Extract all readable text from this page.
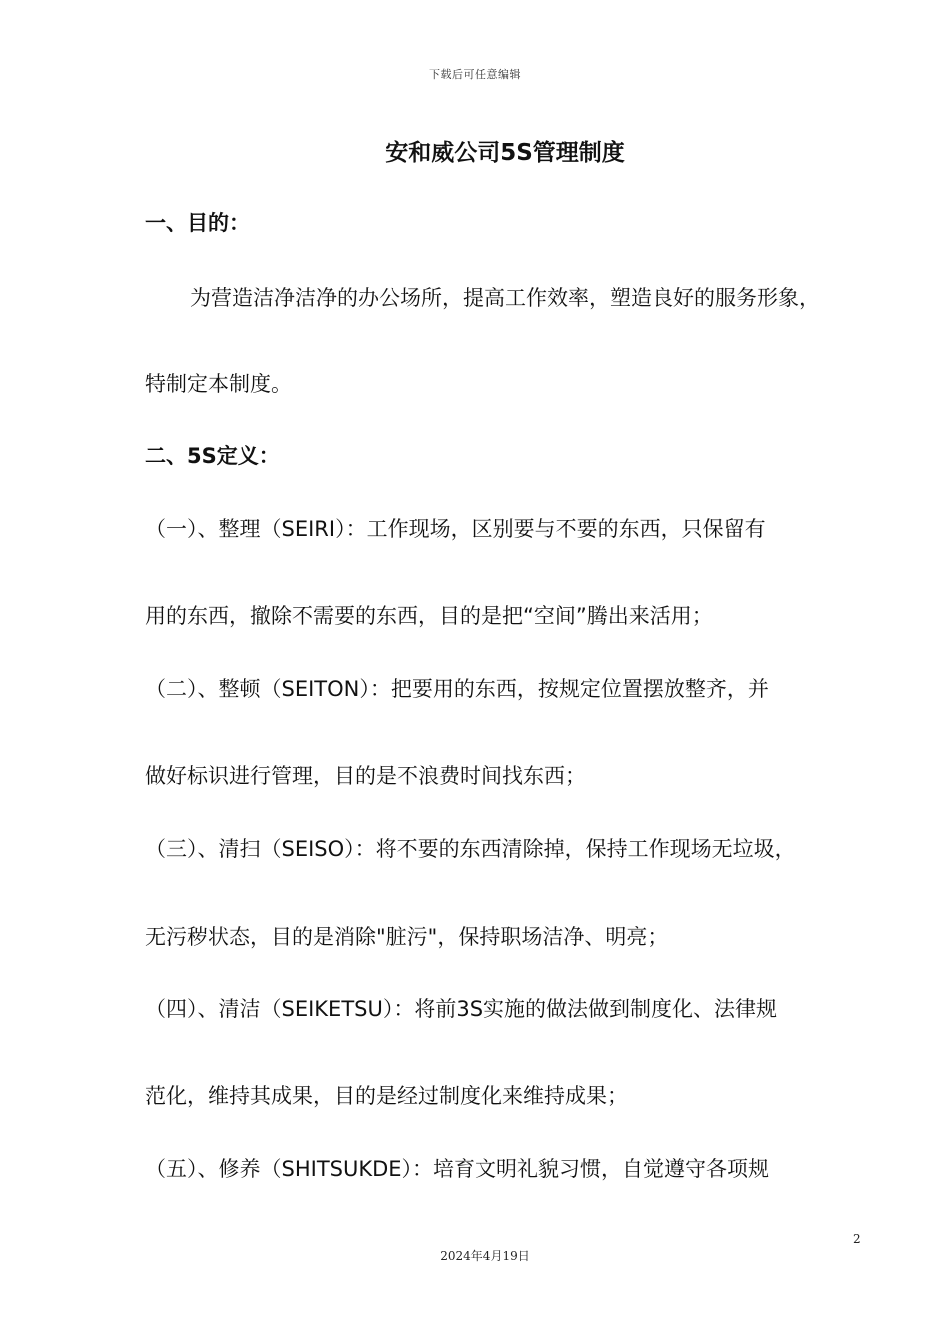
下载后可任意编辑
安和威公司5S管理制度
一、目的：
为营造洁净洁净的办公场所，提高工作效率，塑造良好的服务形象，
特制定本制度。
二、5S定义：
（一）、整理（SEIRI）：工作现场，区别要与不要的东西，只保留有
用的东西，撤除不需要的东西，目的是把“空间”腾出来活用；
（二）、整顿（SEITON）：把要用的东西，按规定位置摆放整齐，并
做好标识进行管理，目的是不浪费时间找东西；
（三）、清扫（SEISO）：将不要的东西清除掉，保持工作现场无垃圾，
无污秽状态，目的是消除"脏污"，保持职场洁净、明亮；
（四）、清洁（SEIKETSU）：将前3S实施的做法做到制度化、法律规
范化，维持其成果，目的是经过制度化来维持成果；
（五）、修养（SHITSUKDE）：培育文明礼貌习惯，自觉遵守各项规
2
2024年4月19日
